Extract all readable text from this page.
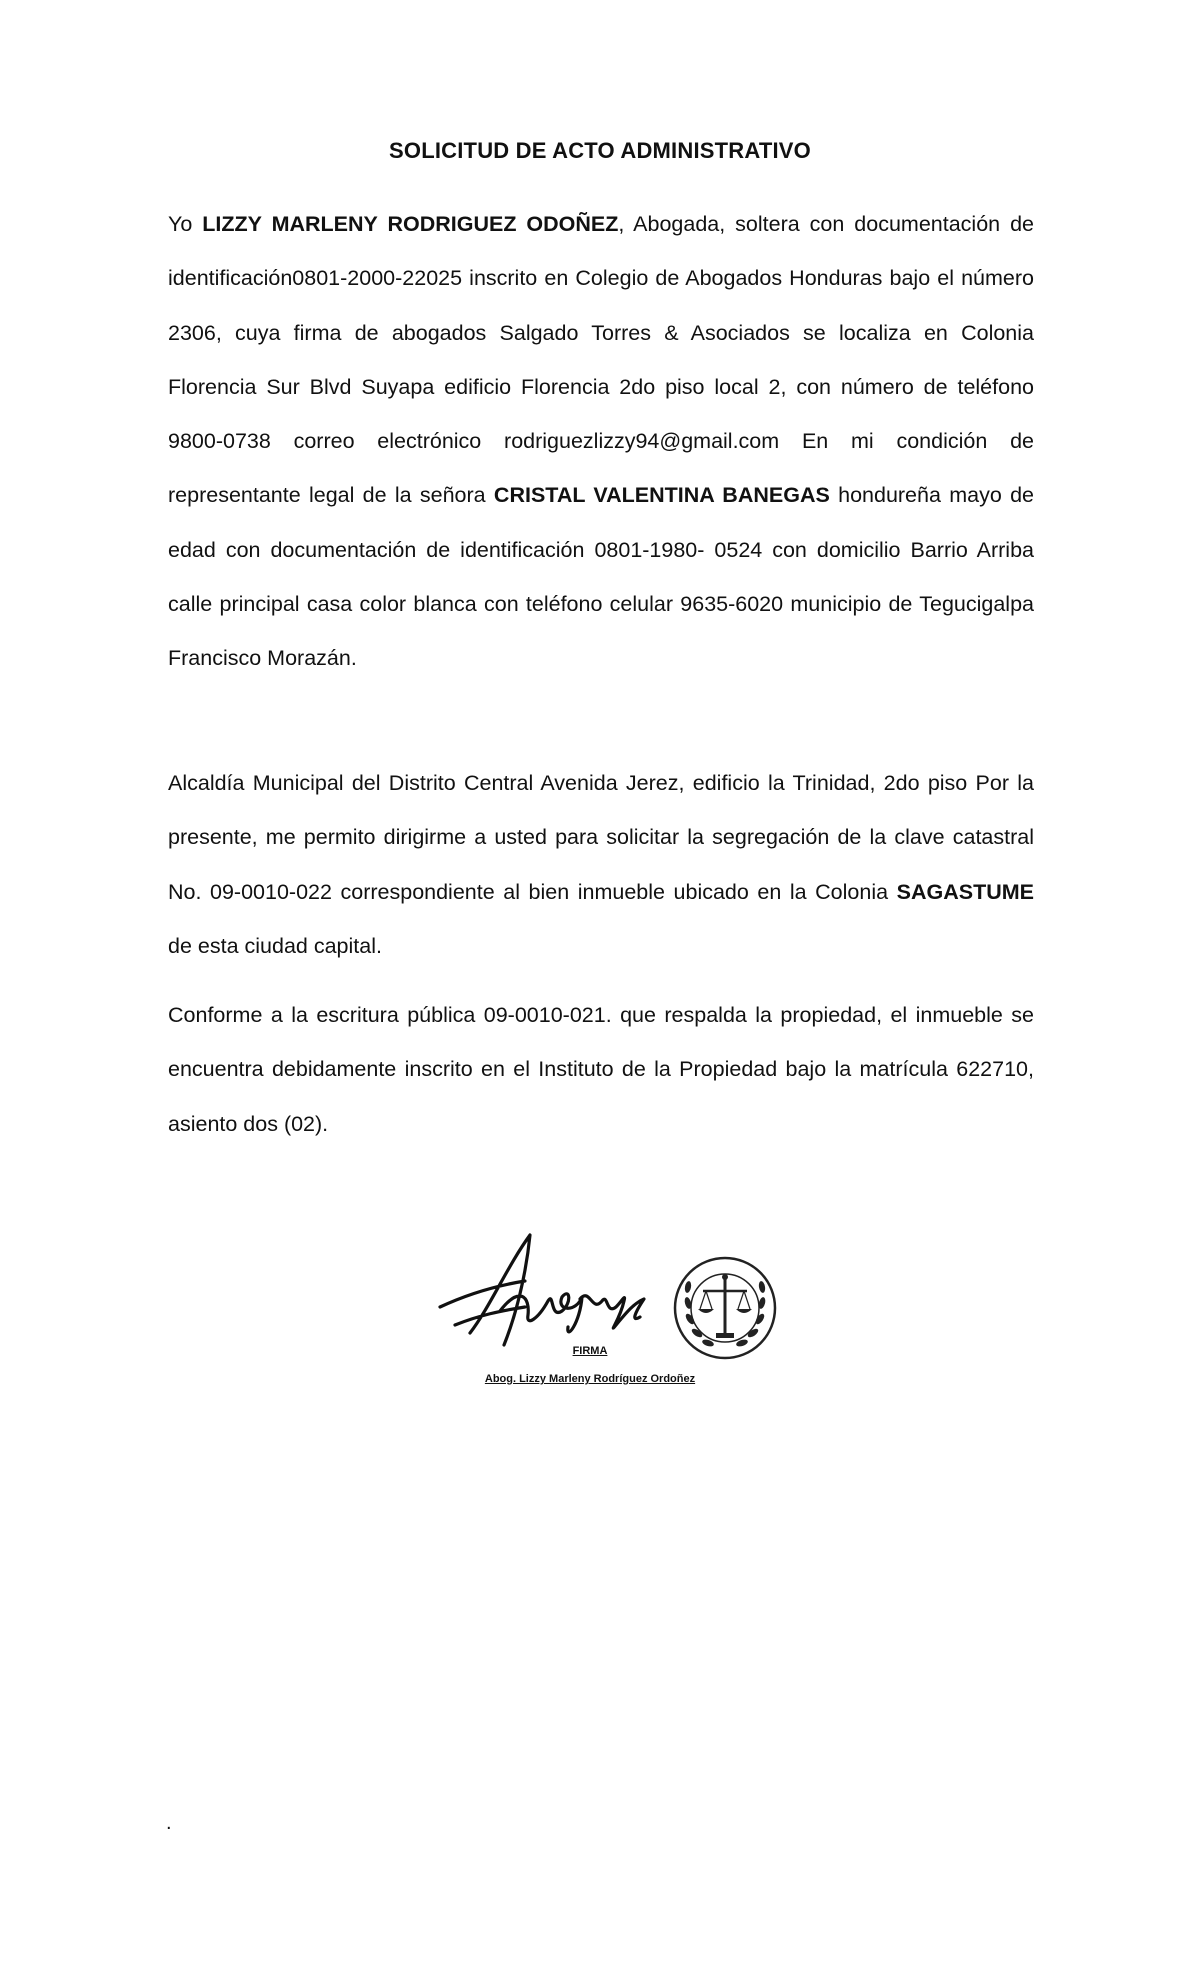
SOLICITUD DE ACTO ADMINISTRATIVO

Yo LIZZY MARLENY RODRIGUEZ ODOÑEZ, Abogada, soltera con documentación de identificación0801-2000-22025 inscrito en Colegio de Abogados Honduras bajo el número 2306, cuya firma de abogados Salgado Torres & Asociados se localiza en Colonia Florencia Sur Blvd Suyapa edificio Florencia 2do piso local 2, con número de teléfono 9800-0738 correo electrónico rodriguezlizzy94@gmail.com En mi condición de representante legal de la señora CRISTAL VALENTINA BANEGAS hondureña mayo de edad con documentación de identificación 0801-1980- 0524 con domicilio Barrio Arriba calle principal casa color blanca con teléfono celular 9635-6020 municipio de Tegucigalpa Francisco Morazán.

Alcaldía Municipal del Distrito Central Avenida Jerez, edificio la Trinidad, 2do piso Por la presente, me permito dirigirme a usted para solicitar la segregación de la clave catastral No. 09-0010-022 correspondiente al bien inmueble ubicado en la Colonia SAGASTUME de esta ciudad capital.

Conforme a la escritura pública 09-0010-021. que respalda la propiedad, el inmueble se encuentra debidamente inscrito en el Instituto de la Propiedad bajo la matrícula 622710, asiento dos (02).

FIRMA
Abog. Lizzy Marleny Rodríguez Ordoñez
.
